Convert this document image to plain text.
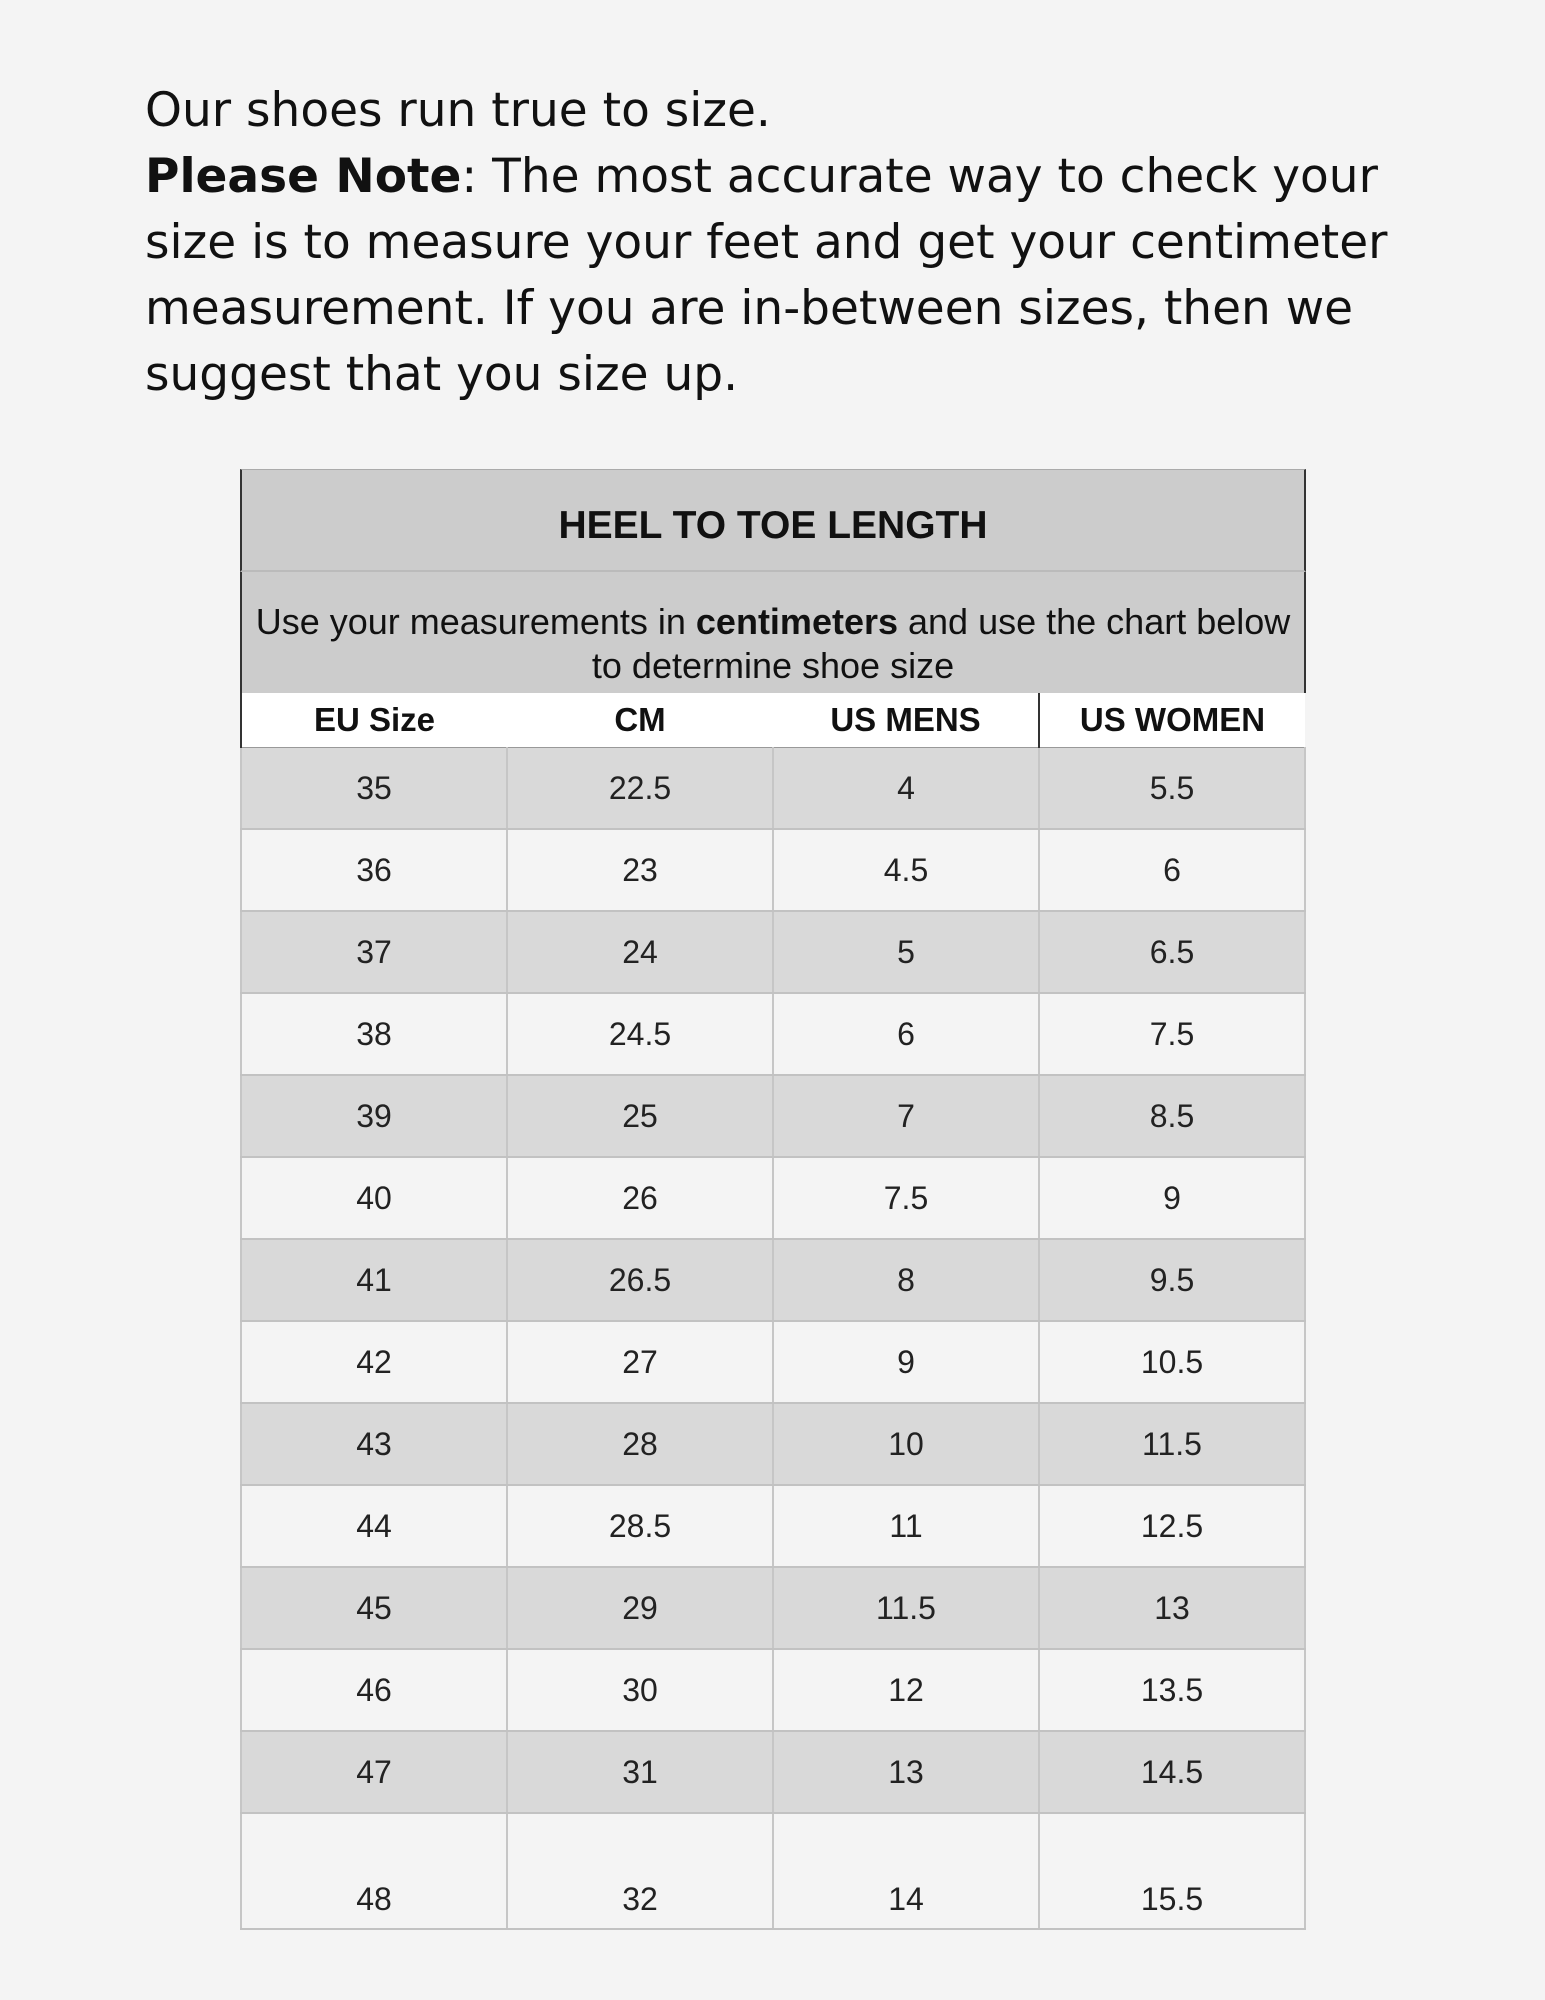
Our shoes run true to size.

Please Note: The most accurate way to check your size is to measure your feet and get your centimeter measurement. If you are in-between sizes, then we suggest that you size up.

HEEL TO TOE LENGTH
Use your measurements in centimeters and use the chart below to determine shoe size
EU Size	CM	US MENS	US WOMEN
35	22.5	4	5.5
36	23	4.5	6
37	24	5	6.5
38	24.5	6	7.5
39	25	7	8.5
40	26	7.5	9
41	26.5	8	9.5
42	27	9	10.5
43	28	10	11.5
44	28.5	11	12.5
45	29	11.5	13
46	30	12	13.5
47	31	13	14.5
48	32	14	15.5
